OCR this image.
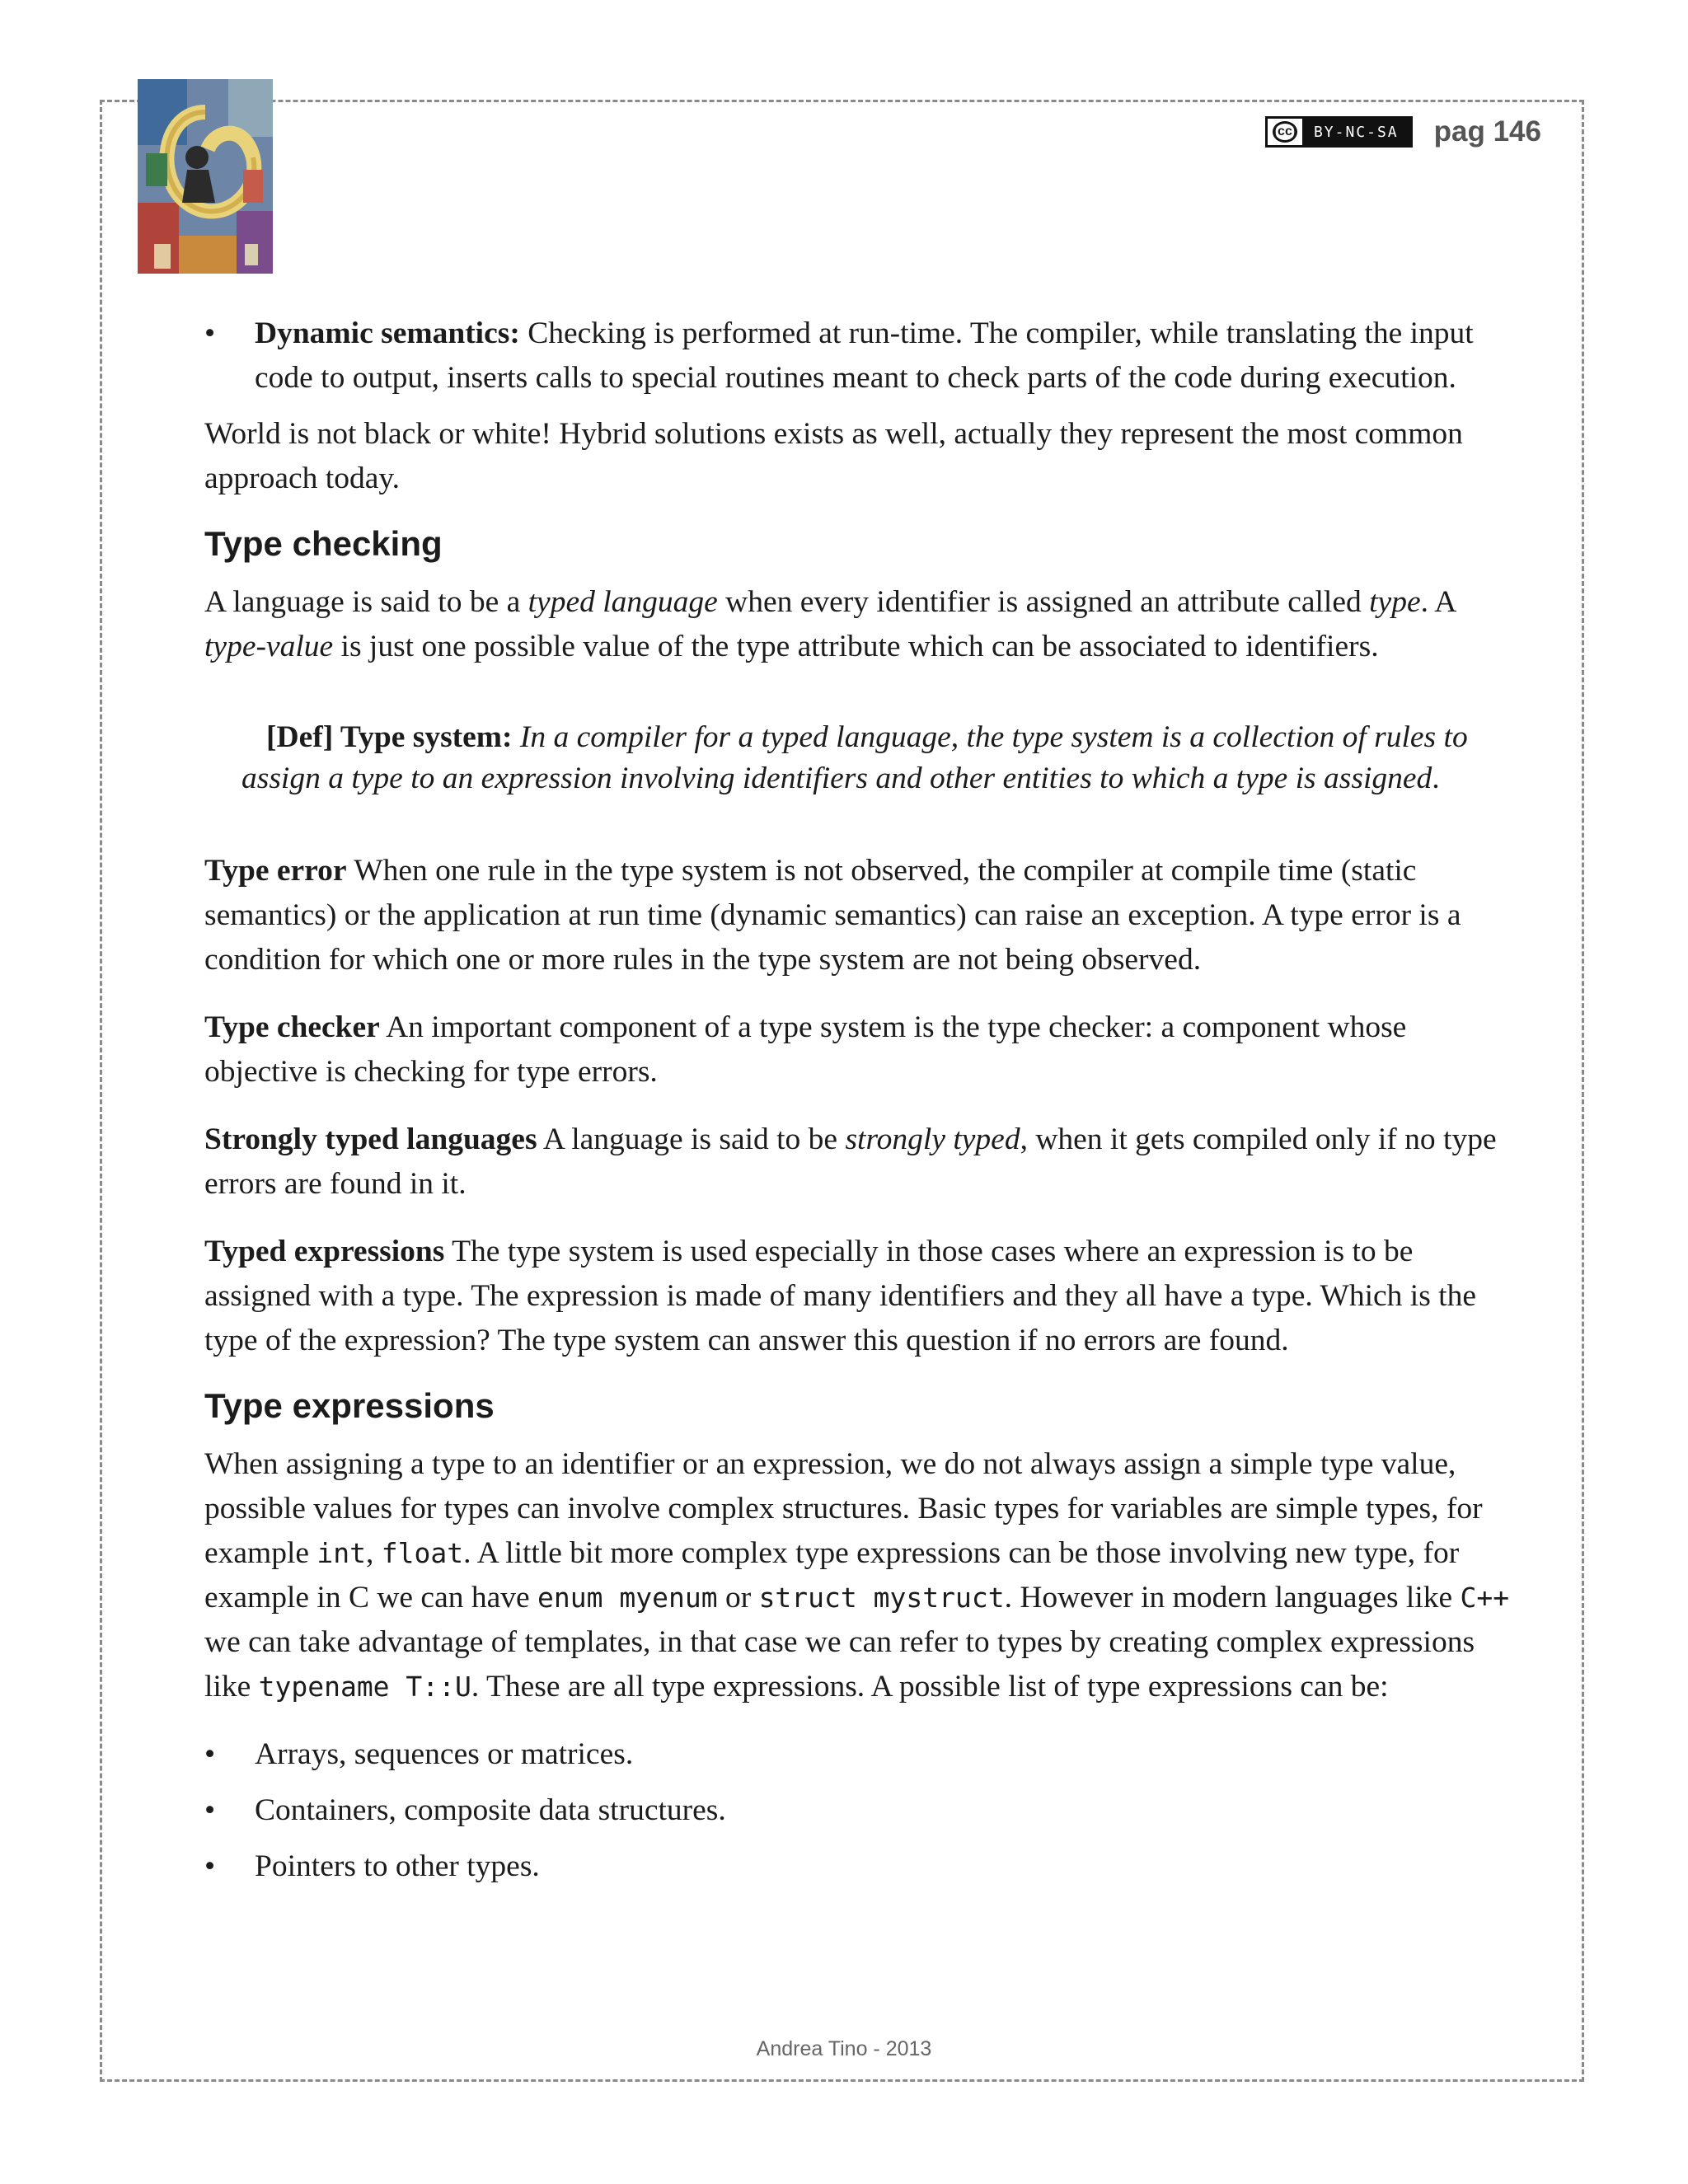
(cc)	BY-NC-SA	pag 146
• Dynamic semantics: Checking is performed at run-time. The compiler, while translating the input code to output, inserts calls to special routines meant to check parts of the code during execution.

World is not black or white! Hybrid solutions exists as well, actually they represent the most common approach today.

Type checking

A language is said to be a typed language when every identifier is assigned an attribute called type. A type-value is just one possible value of the type attribute which can be associated to identifiers.

[Def] Type system: In a compiler for a typed language, the type system is a collection of rules to assign a type to an expression involving identifiers and other entities to which a type is assigned.

Type error When one rule in the type system is not observed, the compiler at compile time (static semantics) or the application at run time (dynamic semantics) can raise an exception. A type error is a condition for which one or more rules in the type system are not being observed.

Type checker An important component of a type system is the type checker: a component whose objective is checking for type errors.

Strongly typed languages A language is said to be strongly typed, when it gets compiled only if no type errors are found in it.

Typed expressions The type system is used especially in those cases where an expression is to be assigned with a type. The expression is made of many identifiers and they all have a type. Which is the type of the expression? The type system can answer this question if no errors are found.

Type expressions

When assigning a type to an identifier or an expression, we do not always assign a simple type value, possible values for types can involve complex structures. Basic types for variables are simple types, for example int, float. A little bit more complex type expressions can be those involving new type, for example in C we can have enum myenum or struct mystruct. However in modern languages like C++ we can take advantage of templates, in that case we can refer to types by creating complex expressions like typename T::U. These are all type expressions. A possible list of type expressions can be:

• Arrays, sequences or matrices.
• Containers, composite data structures.
• Pointers to other types.
Andrea Tino - 2013
